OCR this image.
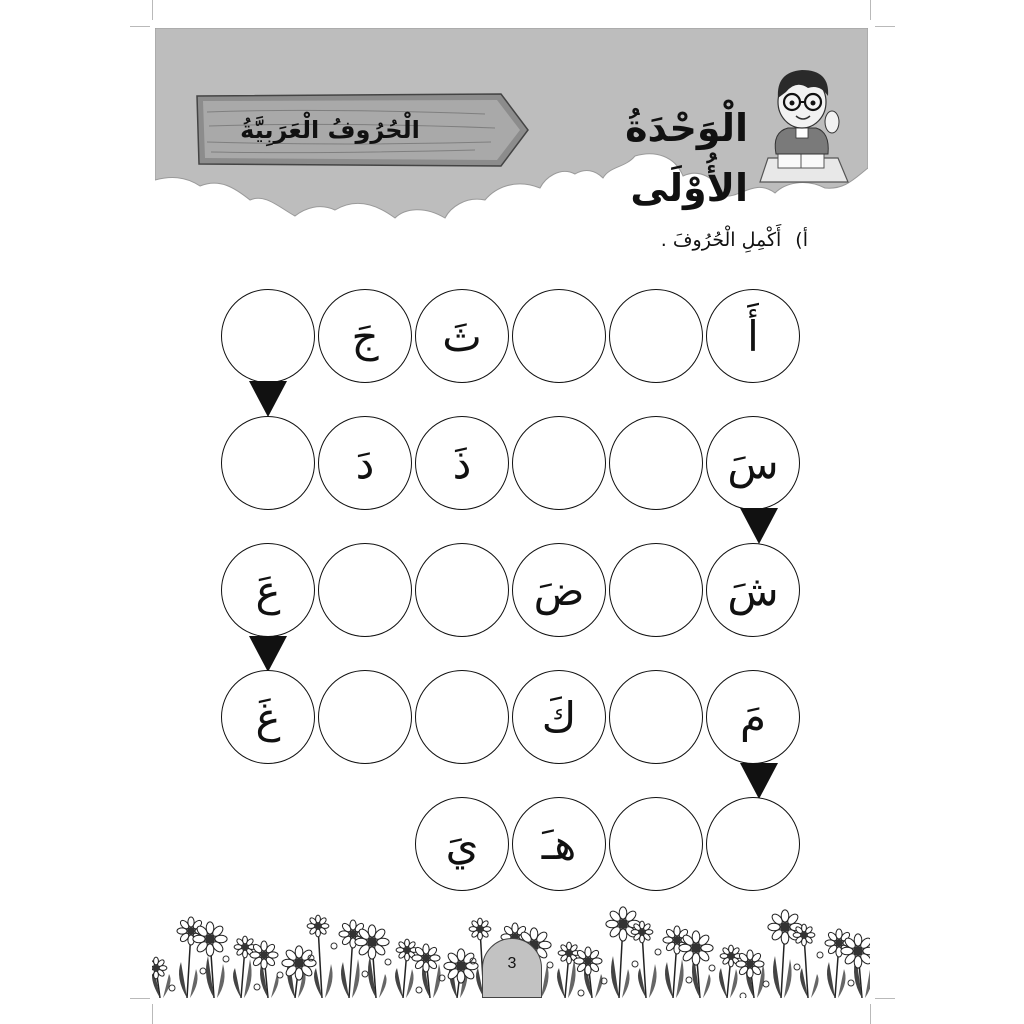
الْوَحْدَةُ الأُوْلَى
الْحُرُوفُ الْعَرَبِيَّةُ
أ)أَكْمِلِ الْحُرُوفَ .
أَ
ثَ
جَ
سَ
ذَ
دَ
شَ
ضَ
عَ
مَ
كَ
غَ
هـَ
يَ
3
